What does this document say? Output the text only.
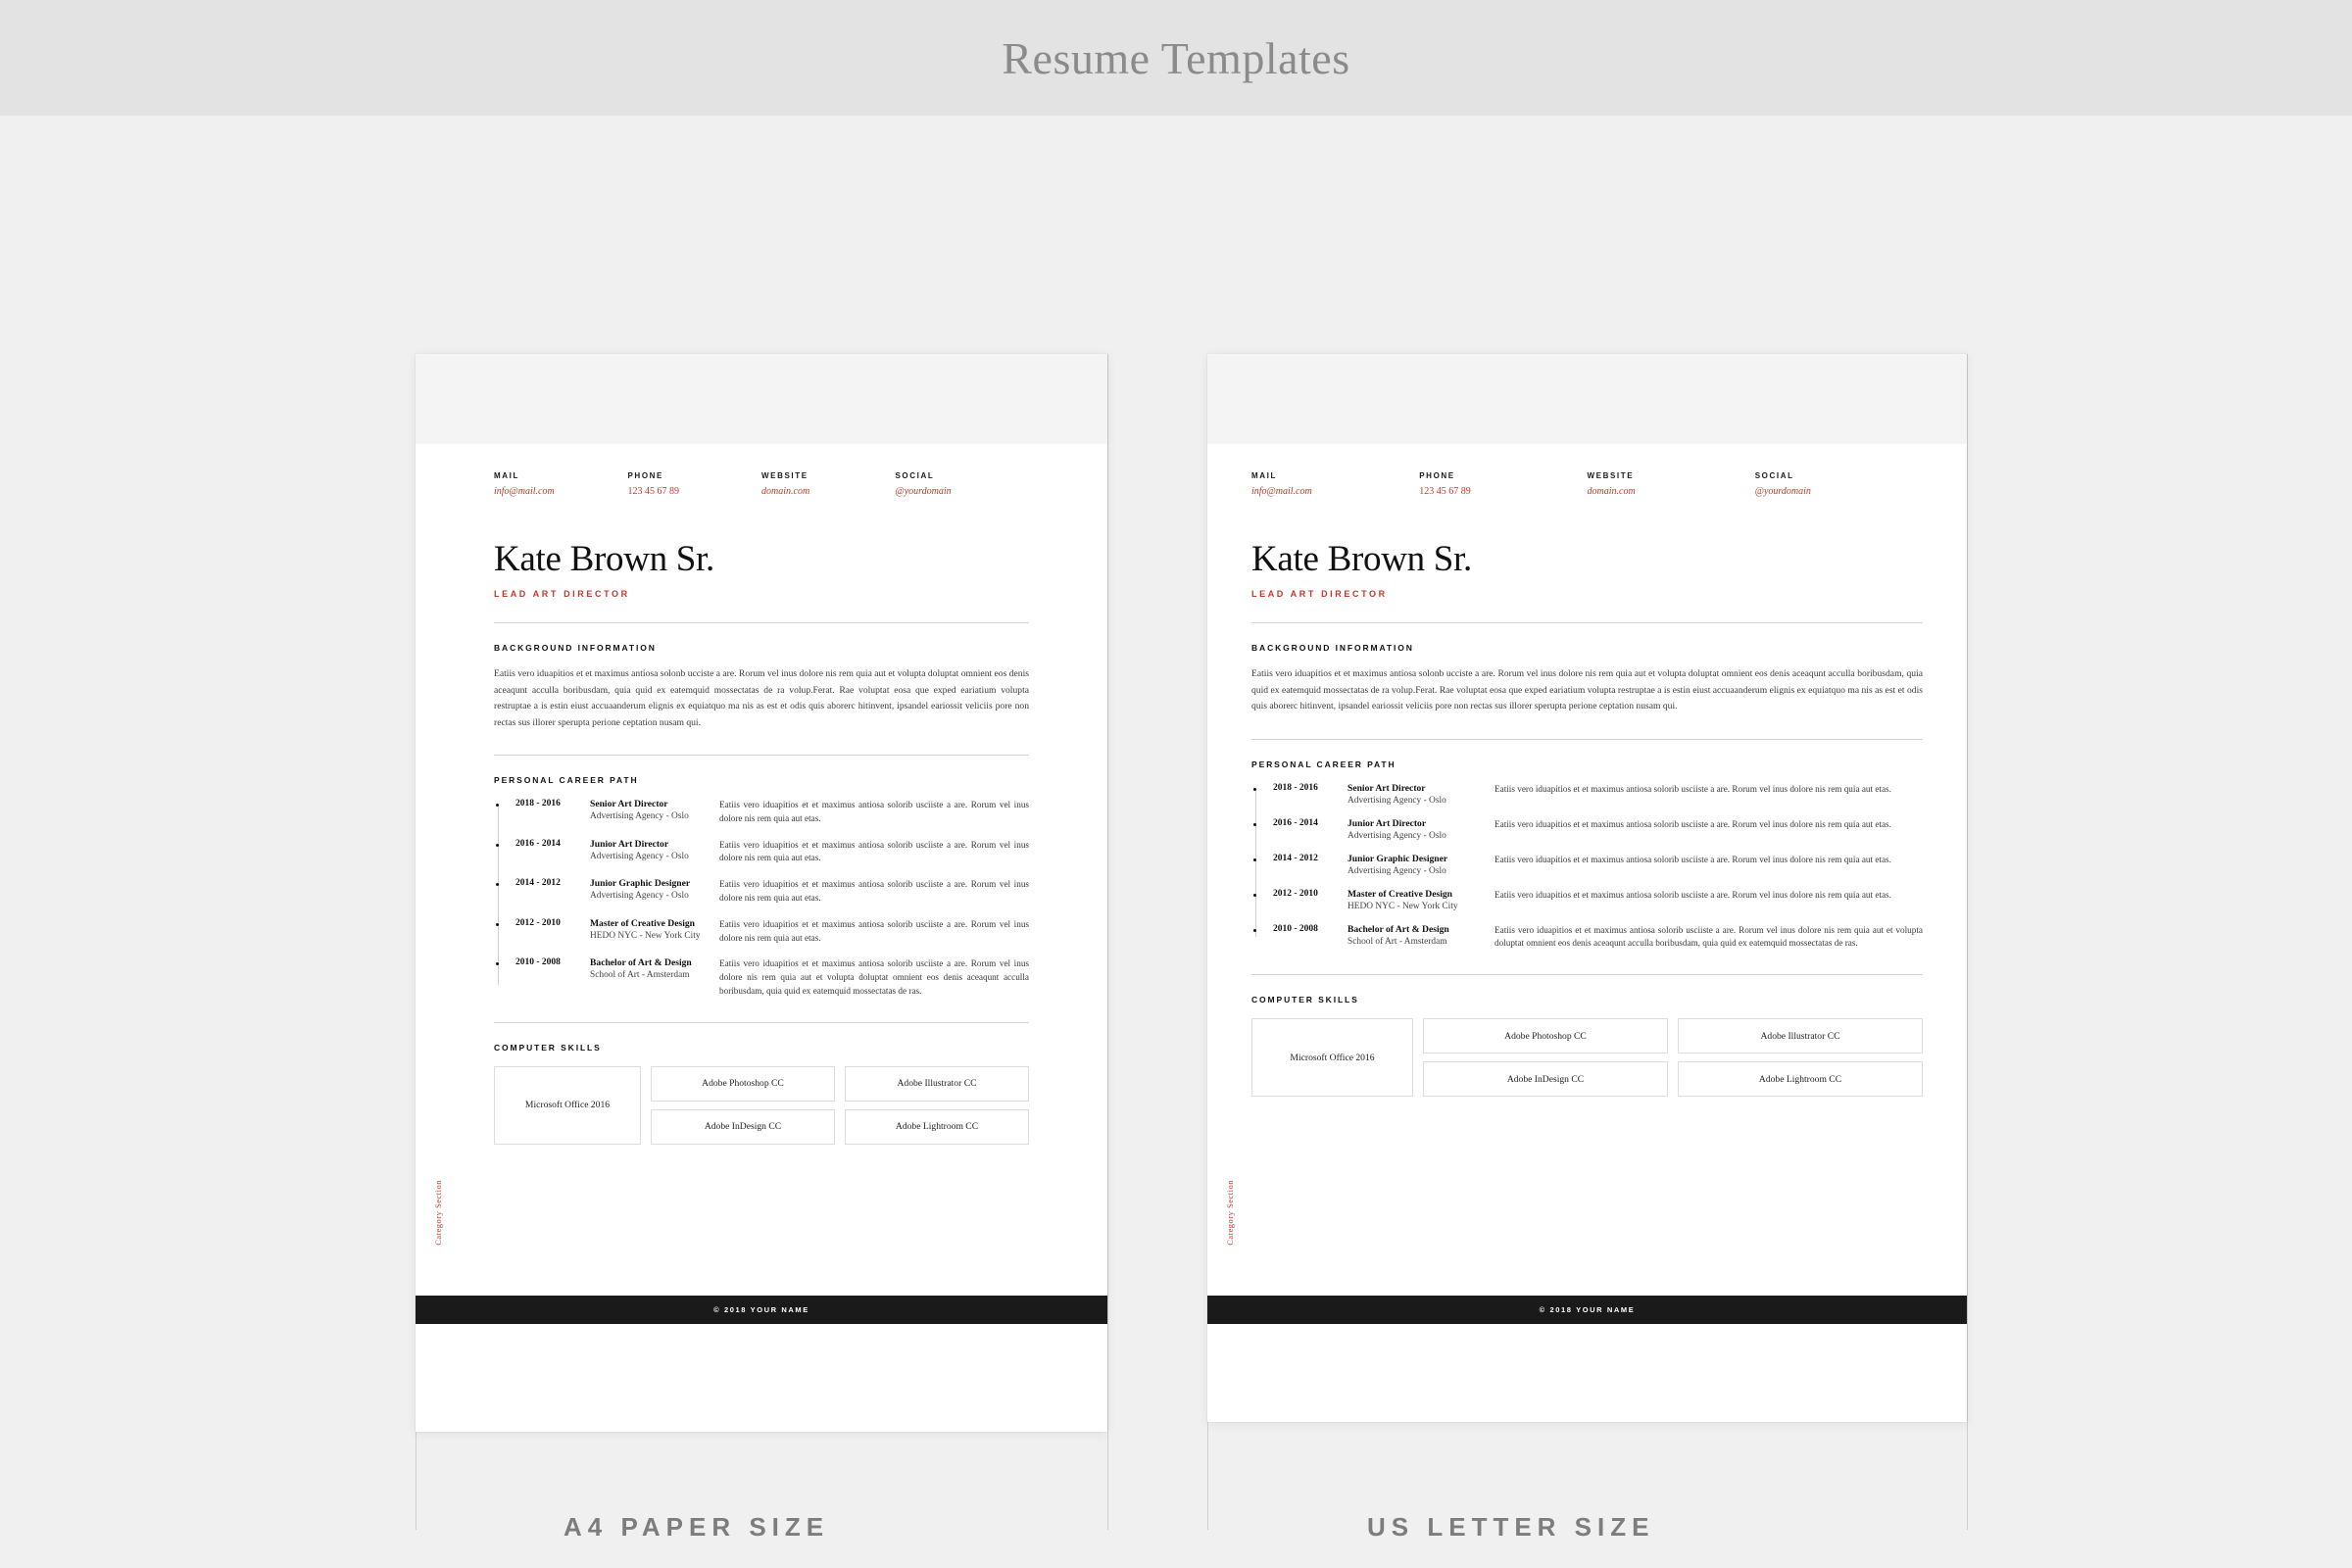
Resume Templates
Category Section
MAIL
info@mail.com
PHONE
123 45 67 89
WEBSITE
domain.com
SOCIAL
@yourdomain
Kate Brown Sr.
LEAD ART DIRECTOR
BACKGROUND INFORMATION

Eatiis vero iduapitios et et maximus antiosa solonb ucciste a are. Rorum vel inus dolore nis rem quia aut et volupta doluptat omnient eos denis aceaqunt acculla boribusdam, quia quid ex eatemquid mossectatas de ra volup.Ferat. Rae voluptat eosa que exped eariatium volupta restruptae a is estin eiust accuaanderum elignis ex equiatquo ma nis as est et odis quis aborerc hitinvent, ipsandel eariossit veliciis pore non rectas sus illorer sperupta perione ceptation nusam qui.

PERSONAL CAREER PATH
2018 - 2016	Senior Art Director
Advertising Agency - Oslo
Eatiis vero iduapitios et et maximus antiosa solorib usciiste a are. Rorum vel inus dolore nis rem quia aut etas.
2016 - 2014	Junior Art Director
Advertising Agency - Oslo
Eatiis vero iduapitios et et maximus antiosa solorib usciiste a are. Rorum vel inus dolore nis rem quia aut etas.
2014 - 2012	Junior Graphic Designer
Advertising Agency - Oslo
Eatiis vero iduapitios et et maximus antiosa solorib usciiste a are. Rorum vel inus dolore nis rem quia aut etas.
2012 - 2010	Master of Creative Design
HEDO NYC - New York City
Eatiis vero iduapitios et et maximus antiosa solorib usciiste a are. Rorum vel inus dolore nis rem quia aut etas.
2010 - 2008	Bachelor of Art & Design
School of Art - Amsterdam
Eatiis vero iduapitios et et maximus antiosa solorib usciiste a are. Rorum vel inus dolore nis rem quia aut et volupta doluptat omnient eos denis aceaqunt acculla boribusdam, quia quid ex eatemquid mossectatas de ras.
COMPUTER SKILLS
Microsoft Office 2016
Adobe Photoshop CC	Adobe Illustrator CC
Adobe InDesign CC	Adobe Lightroom CC
© 2018 YOUR NAME
Category Section
MAIL
info@mail.com
PHONE
123 45 67 89
WEBSITE
domain.com
SOCIAL
@yourdomain
Kate Brown Sr.
LEAD ART DIRECTOR
BACKGROUND INFORMATION

Eatiis vero iduapitios et et maximus antiosa solonb ucciste a are. Rorum vel inus dolore nis rem quia aut et volupta doluptat omnient eos denis aceaqunt acculla boribusdam, quia quid ex eatemquid mossectatas de ra volup.Ferat. Rae voluptat eosa que exped eariatium volupta restruptae a is estin eiust accuaanderum elignis ex equiatquo ma nis as est et odis quis aborerc hitinvent, ipsandel eariossit veliciis pore non rectas sus illorer sperupta perione ceptation nusam qui.

PERSONAL CAREER PATH
2018 - 2016	Senior Art Director
Advertising Agency - Oslo
Eatiis vero iduapitios et et maximus antiosa solorib usciiste a are. Rorum vel inus dolore nis rem quia aut etas.
2016 - 2014	Junior Art Director
Advertising Agency - Oslo
Eatiis vero iduapitios et et maximus antiosa solorib usciiste a are. Rorum vel inus dolore nis rem quia aut etas.
2014 - 2012	Junior Graphic Designer
Advertising Agency - Oslo
Eatiis vero iduapitios et et maximus antiosa solorib usciiste a are. Rorum vel inus dolore nis rem quia aut etas.
2012 - 2010	Master of Creative Design
HEDO NYC - New York City
Eatiis vero iduapitios et et maximus antiosa solorib usciiste a are. Rorum vel inus dolore nis rem quia aut etas.
2010 - 2008	Bachelor of Art & Design
School of Art - Amsterdam
Eatiis vero iduapitios et et maximus antiosa solorib usciiste a are. Rorum vel inus dolore nis rem quia aut et volupta doluptat omnient eos denis aceaqunt acculla boribusdam, quia quid ex eatemquid mossectatas de ras.
COMPUTER SKILLS
Microsoft Office 2016
Adobe Photoshop CC	Adobe Illustrator CC
Adobe InDesign CC	Adobe Lightroom CC
© 2018 YOUR NAME
A4 PAPER SIZE	US LETTER SIZE
